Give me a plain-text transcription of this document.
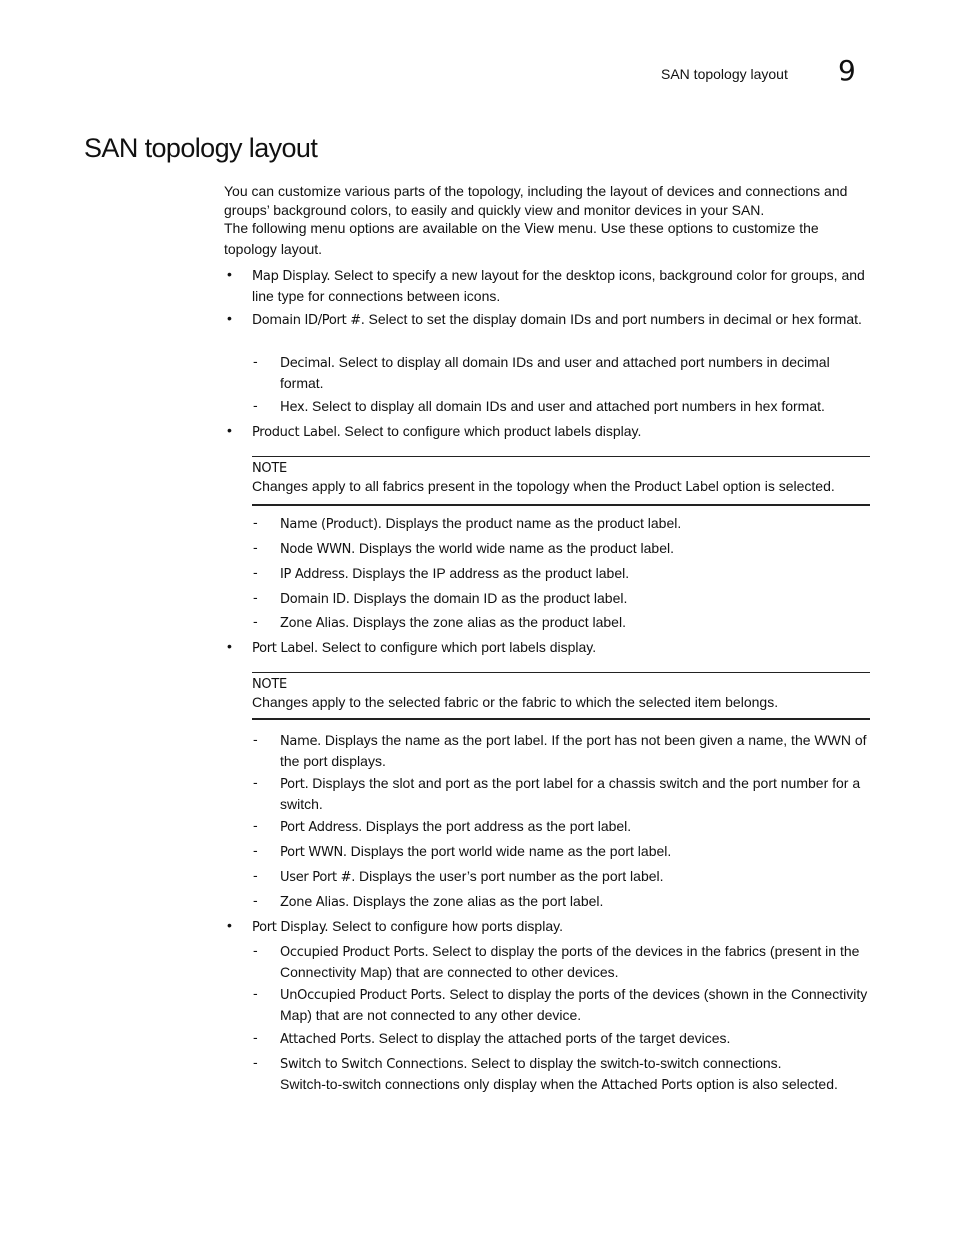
SAN topology layout 9
SAN topology layout

You can customize various parts of the topology, including the layout of devices and connections and groups’ background colors, to easily and quickly view and monitor devices in your SAN.

The following menu options are available on the View menu. Use these options to customize the topology layout.

• Map Display. Select to specify a new layout for the desktop icons, background color for groups, and line type for connections between icons.
• Domain ID/Port #. Select to set the display domain IDs and port numbers in decimal or hex format.
- Decimal. Select to display all domain IDs and user and attached port numbers in decimal format.
- Hex. Select to display all domain IDs and user and attached port numbers in hex format.
• Product Label. Select to configure which product labels display.
NOTE
Changes apply to all fabrics present in the topology when the Product Label option is selected.
- Name (Product). Displays the product name as the product label.
- Node WWN. Displays the world wide name as the product label.
- IP Address. Displays the IP address as the product label.
- Domain ID. Displays the domain ID as the product label.
- Zone Alias. Displays the zone alias as the product label.
• Port Label. Select to configure which port labels display.
NOTE
Changes apply to the selected fabric or the fabric to which the selected item belongs.
- Name. Displays the name as the port label. If the port has not been given a name, the WWN of the port displays.
- Port. Displays the slot and port as the port label for a chassis switch and the port number for a switch.
- Port Address. Displays the port address as the port label.
- Port WWN. Displays the port world wide name as the port label.
- User Port #. Displays the user’s port number as the port label.
- Zone Alias. Displays the zone alias as the port label.
• Port Display. Select to configure how ports display.
- Occupied Product Ports. Select to display the ports of the devices in the fabrics (present in the Connectivity Map) that are connected to other devices.
- UnOccupied Product Ports. Select to display the ports of the devices (shown in the Connectivity Map) that are not connected to any other device.
- Attached Ports. Select to display the attached ports of the target devices.
- Switch to Switch Connections. Select to display the switch-to-switch connections.
Switch-to-switch connections only display when the Attached Ports option is also selected.
